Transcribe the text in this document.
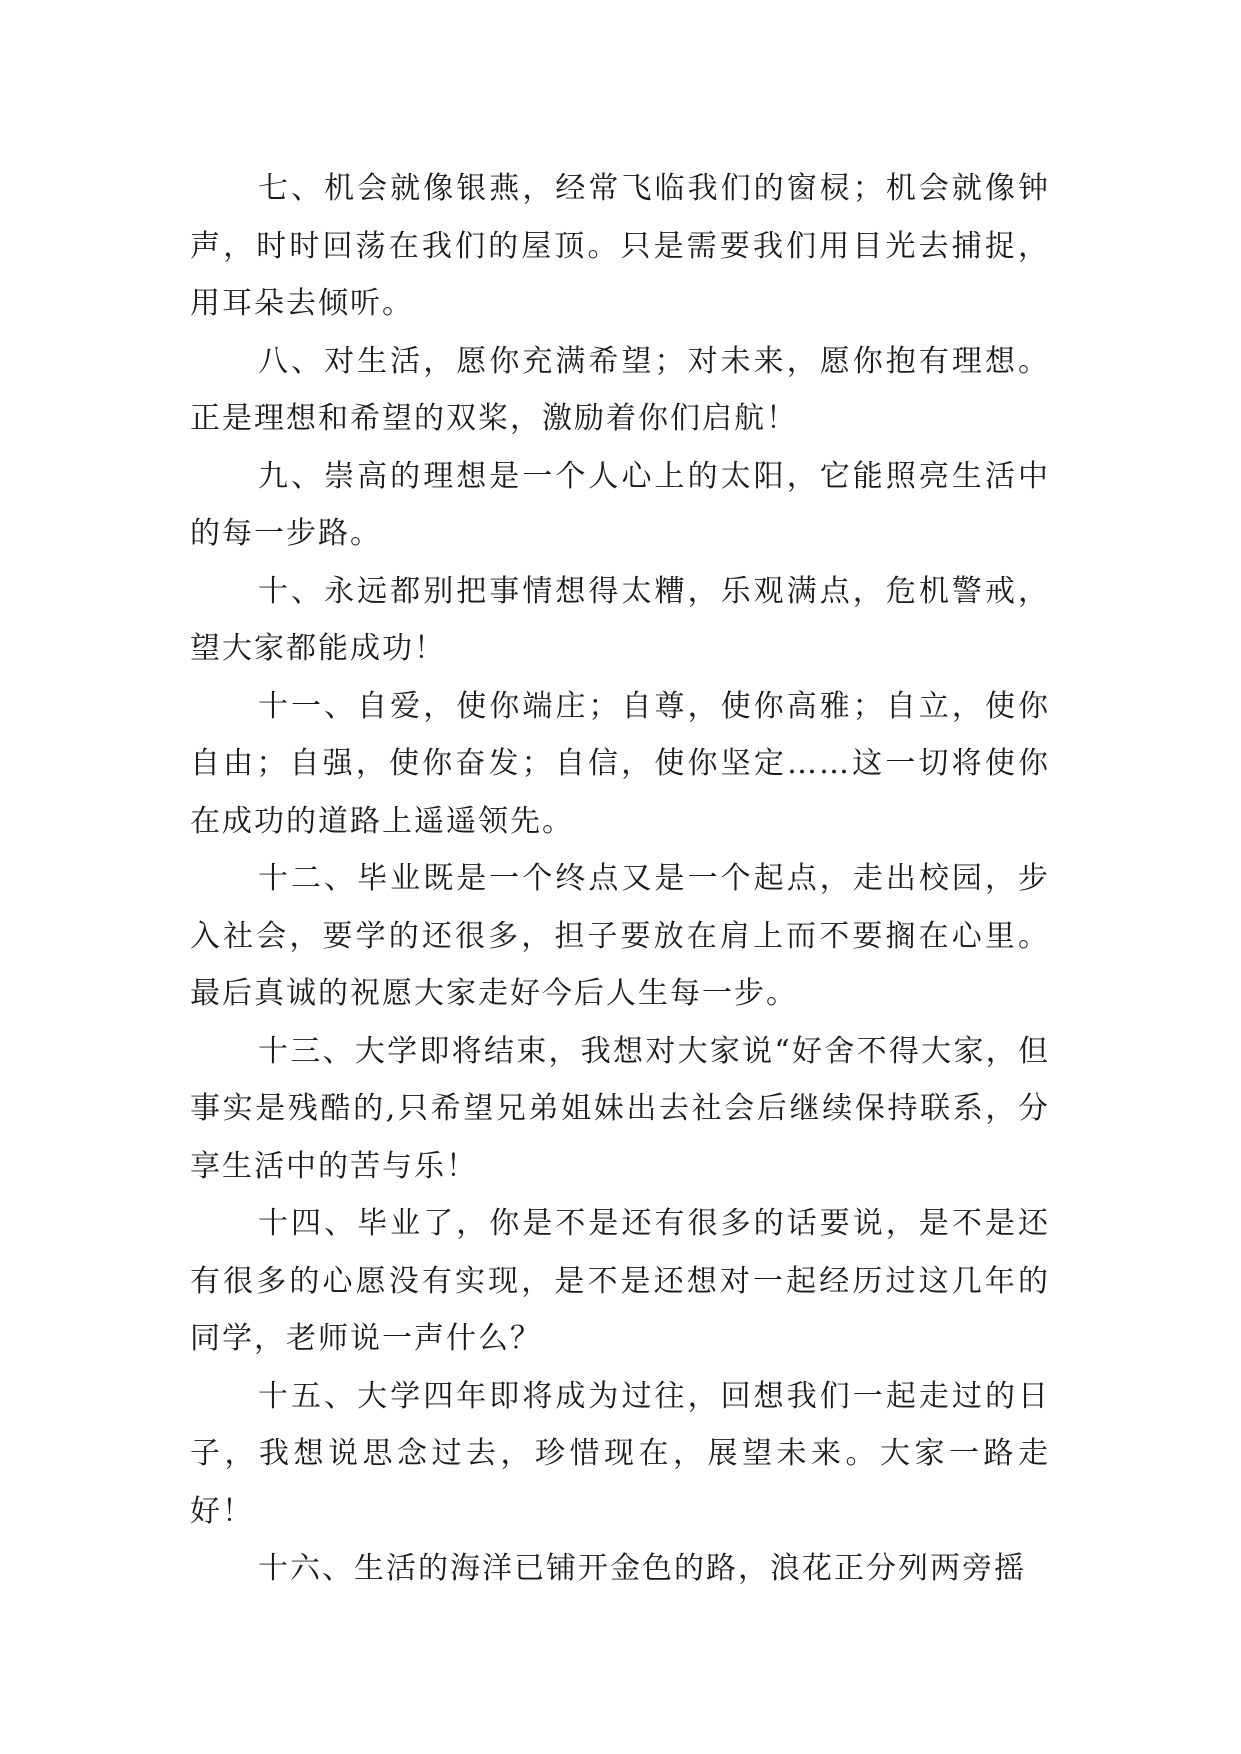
七、机会就像银燕，经常飞临我们的窗棂；机会就像钟声，时时回荡在我们的屋顶。只是需要我们用目光去捕捉，用耳朵去倾听。

八、对生活，愿你充满希望；对未来，愿你抱有理想。正是理想和希望的双桨，激励着你们启航！

九、崇高的理想是一个人心上的太阳，它能照亮生活中的每一步路。

十、永远都别把事情想得太糟，乐观满点，危机警戒，望大家都能成功！

十一、自爱，使你端庄；自尊，使你高雅；自立，使你自由；自强，使你奋发；自信，使你坚定……这一切将使你在成功的道路上遥遥领先。

十二、毕业既是一个终点又是一个起点，走出校园，步入社会，要学的还很多，担子要放在肩上而不要搁在心里。最后真诚的祝愿大家走好今后人生每一步。

十三、大学即将结束，我想对大家说“好舍不得大家，但事实是残酷的,只希望兄弟姐妹出去社会后继续保持联系，分享生活中的苦与乐！

十四、毕业了，你是不是还有很多的话要说，是不是还有很多的心愿没有实现，是不是还想对一起经历过这几年的同学，老师说一声什么？

十五、大学四年即将成为过往，回想我们一起走过的日子，我想说思念过去，珍惜现在，展望未来。大家一路走好！

十六、生活的海洋已铺开金色的路，浪花正分列两旁摇
